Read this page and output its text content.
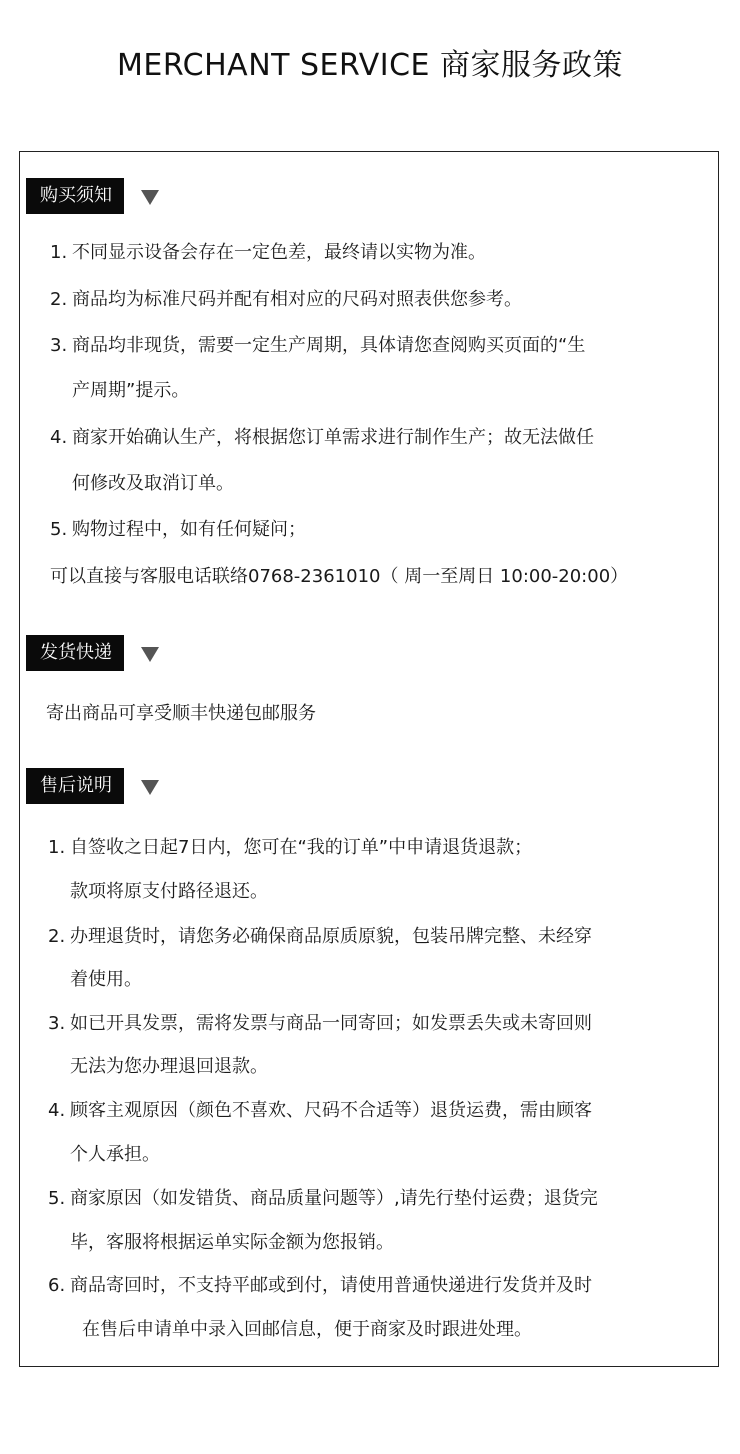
MERCHANT SERVICE 商家服务政策
购买须知
1. 不同显示设备会存在一定色差，最终请以实物为准。
2. 商品均为标准尺码并配有相对应的尺码对照表供您参考。
3. 商品均非现货，需要一定生产周期，具体请您查阅购买页面的“生
产周期”提示。
4. 商家开始确认生产，将根据您订单需求进行制作生产；故无法做任
何修改及取消订单。
5. 购物过程中，如有任何疑问；
可以直接与客服电话联络0768-2361010（ 周一至周日 10:00-20:00）
发货快递
寄出商品可享受顺丰快递包邮服务
售后说明
1. 自签收之日起7日内，您可在“我的订单”中申请退货退款；
款项将原支付路径退还。
2. 办理退货时，请您务必确保商品原质原貌，包装吊牌完整、未经穿
着使用。
3. 如已开具发票，需将发票与商品一同寄回；如发票丢失或未寄回则
无法为您办理退回退款。
4. 顾客主观原因（颜色不喜欢、尺码不合适等）退货运费，需由顾客
个人承担。
5. 商家原因（如发错货、商品质量问题等）,请先行垫付运费；退货完
毕，客服将根据运单实际金额为您报销。
6. 商品寄回时，不支持平邮或到付，请使用普通快递进行发货并及时
在售后申请单中录入回邮信息，便于商家及时跟进处理。
